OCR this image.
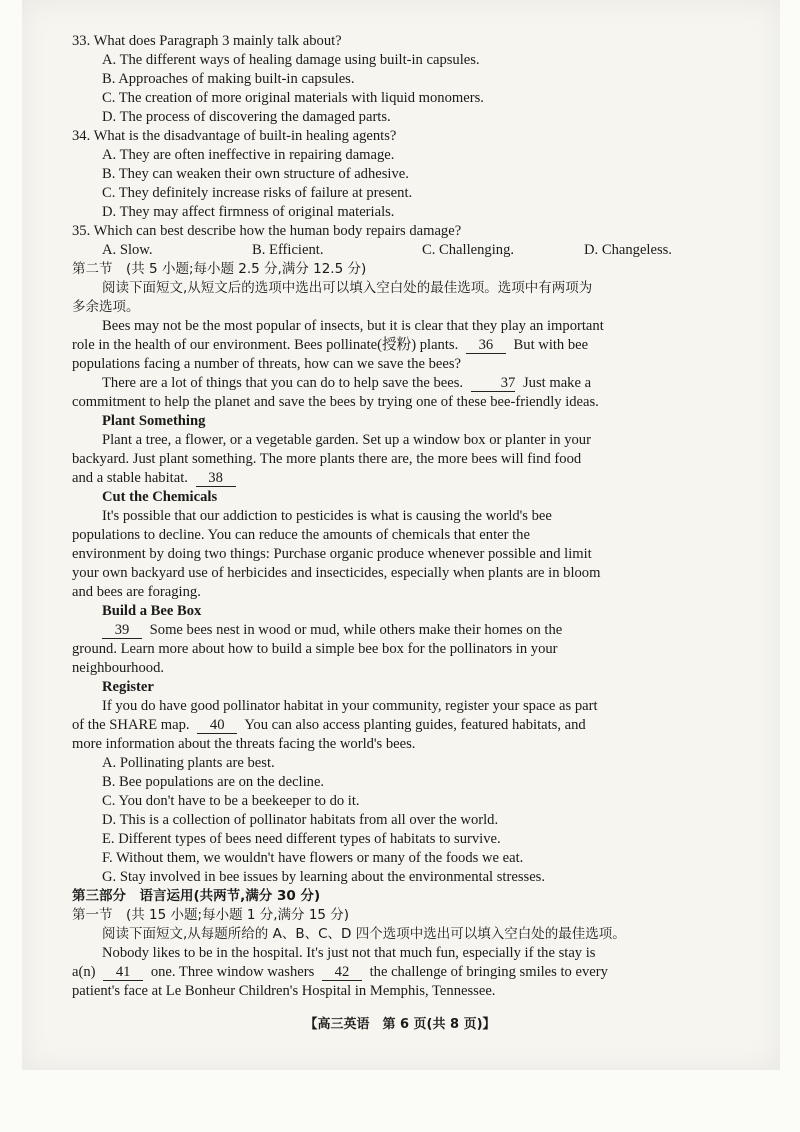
33. What does Paragraph 3 mainly talk about?
A. The different ways of healing damage using built-in capsules.
B. Approaches of making built-in capsules.
C. The creation of more original materials with liquid monomers.
D. The process of discovering the damaged parts.
34. What is the disadvantage of built-in healing agents?
A. They are often ineffective in repairing damage.
B. They can weaken their own structure of adhesive.
C. They definitely increase risks of failure at present.
D. They may affect firmness of original materials.
35. Which can best describe how the human body repairs damage?
A. Slow.	B. Efficient.	C. Challenging.	D. Changeless.
第二节　(共 5 小题;每小题 2.5 分,满分 12.5 分)
阅读下面短文,从短文后的选项中选出可以填入空白处的最佳选项。选项中有两项为
多余选项。
Bees may not be the most popular of insects, but it is clear that they play an important
role in the health of our environment. Bees pollinate(授粉) plants. 36 But with bee
populations facing a number of threats, how can we save the bees?
There are a lot of things that you can do to help save the bees.	37 Just make a
commitment to help the planet and save the bees by trying one of these bee-friendly ideas.
Plant Something
Plant a tree, a flower, or a vegetable garden. Set up a window box or planter in your
backyard. Just plant something. The more plants there are, the more bees will find food
and a stable habitat. 38
Cut the Chemicals
It's possible that our addiction to pesticides is what is causing the world's bee
populations to decline. You can reduce the amounts of chemicals that enter the
environment by doing two things: Purchase organic produce whenever possible and limit
your own backyard use of herbicides and insecticides, especially when plants are in bloom
and bees are foraging.
Build a Bee Box
39 Some bees nest in wood or mud, while others make their homes on the
ground. Learn more about how to build a simple bee box for the pollinators in your
neighbourhood.
Register
If you do have good pollinator habitat in your community, register your space as part
of the SHARE map. 40 You can also access planting guides, featured habitats, and
more information about the threats facing the world's bees.
A. Pollinating plants are best.
B. Bee populations are on the decline.
C. You don't have to be a beekeeper to do it.
D. This is a collection of pollinator habitats from all over the world.
E. Different types of bees need different types of habitats to survive.
F. Without them, we wouldn't have flowers or many of the foods we eat.
G. Stay involved in bee issues by learning about the environmental stresses.
第三部分　语言运用(共两节,满分 30 分)
第一节　(共 15 小题;每小题 1 分,满分 15 分)
阅读下面短文,从每题所给的 A、B、C、D 四个选项中选出可以填入空白处的最佳选项。
Nobody likes to be in the hospital. It's just not that much fun, especially if the stay is
a(n) 41 one. Three window washers 42 the challenge of bringing smiles to every
patient's face at Le Bonheur Children's Hospital in Memphis, Tennessee.
【高三英语　第 6 页(共 8 页)】
